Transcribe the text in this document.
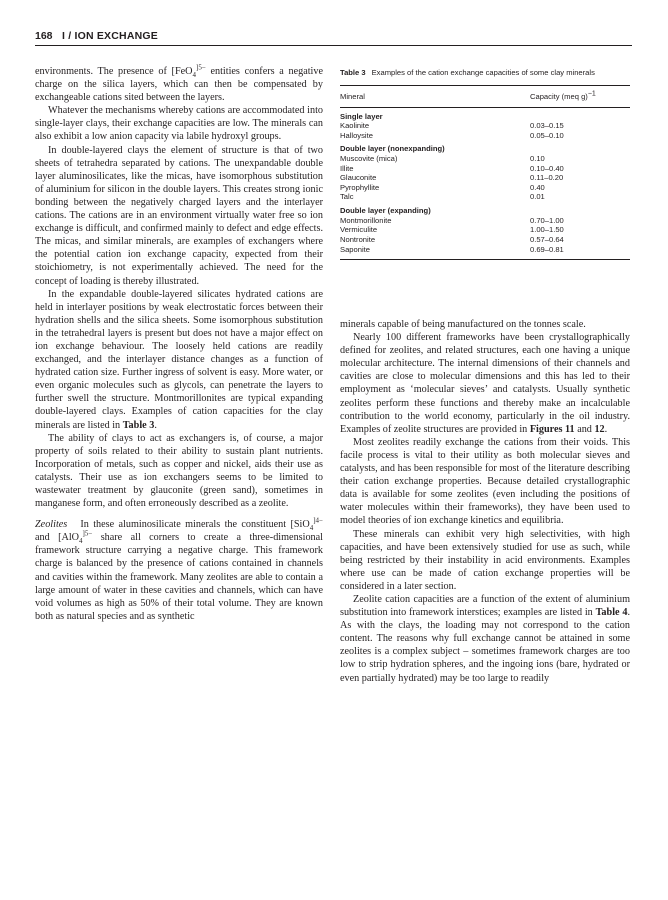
168 I / ION EXCHANGE

environments. The presence of [FeO$_4^{]5-}$ entities confers a negative charge on the silica layers, which can then be compensated by exchangeable cations sited between the layers.

Whatever the mechanisms whereby cations are accommodated into single-layer clays, their exchange capacities are low. The minerals can also exhibit a low anion capacity via labile hydroxyl groups.

In double-layered clays the element of structure is that of two sheets of tetrahedra separated by cations. The unexpandable double layer aluminosilicates, like the micas, have isomorphous substitution of aluminium for silicon in the double layers. This creates strong ionic bonding between the negatively charged layers and the interlayer cations. The cations are in an environment virtually water free so ion exchange is difficult, and confirmed mainly to defect and edge effects. The micas, and similar minerals, are examples of exchangers where the potential cation ion exchange capacity, expected from their stoichiometry, is not experimentally achieved. The need for the concept of loading is thereby illustrated.

In the expandable double-layered silicates hydrated cations are held in interlayer positions by weak electrostatic forces between their hydration shells and the silica sheets. Some isomorphous substitution in the tetrahedral layers is present but does not have a major effect on ion exchange behaviour. The loosely held cations are readily exchanged, and the interlayer distance changes as a function of hydrated cation size. Further ingress of solvent is easy. More water, or even organic molecules such as glycols, can penetrate the layers to further swell the structure. Montmorillonites are typical expanding double-layered clays. Examples of cation capacities for the clay minerals are listed in Table 3.

The ability of clays to act as exchangers is, of course, a major property of soils related to their ability to sustain plant nutrients. Incorporation of metals, such as copper and nickel, aids their use as catalysts. Their use as ion exchangers seems to be limited to wastewater treatment by glauconite (green sand), sometimes in manganese form, and often erroneously described as a zeolite.

Zeolites In these aluminosilicate minerals the constituent [SiO$_4^{]4-}$ and [AlO$_4^{]5-}$ share all corners to create a three-dimensional framework structure carrying a negative charge. This framework charge is balanced by the presence of cations contained in channels and cavities within the framework. Many zeolites are able to contain a large amount of water in these cavities and channels, which can have void volumes as high as 50% of their total volume. They are known both as natural species and as synthetic

Table 3 Examples of the cation exchange capacities of some clay minerals
Mineral	Capacity (meq g)$^{-1}$
Single layer
Kaolinite	0.03–0.15
Halloysite	0.05–0.10
Double layer (nonexpanding)
Muscovite (mica)	0.10
Illite	0.10–0.40
Glauconite	0.11–0.20
Pyrophyllite	0.40
Talc	0.01
Double layer (expanding)
Montmorillonite	0.70–1.00
Vermiculite	1.00–1.50
Nontronite	0.57–0.64
Saponite	0.69–0.81

minerals capable of being manufactured on the tonnes scale.

Nearly 100 different frameworks have been crystallographically defined for zeolites, and related structures, each one having a unique molecular architecture. The internal dimensions of their channels and cavities are close to molecular dimensions and this has led to their employment as ‘molecular sieves’ and catalysts. Usually synthetic zeolites perform these functions and thereby make an incalculable contribution to the world economy, particularly in the oil industry. Examples of zeolite structures are provided in Figures 11 and 12.

Most zeolites readily exchange the cations from their voids. This facile process is vital to their utility as both molecular sieves and catalysts, and has been responsible for most of the literature describing their cation exchange properties. Because detailed crystallographic data is available for some zeolites (even including the positions of water molecules within their frameworks), they have been used to model theories of ion exchange kinetics and equilibria.

These minerals can exhibit very high selectivities, with high capacities, and have been extensively studied for use as such, while being restricted by their instability in acid environments. Examples where use can be made of cation exchange properties will be considered in a later section.

Zeolite cation capacities are a function of the extent of aluminium substitution into framework interstices; examples are listed in Table 4. As with the clays, the loading may not correspond to the cation content. The reasons why full exchange cannot be attained in some zeolites is a complex subject – sometimes framework charges are too low to strip hydration spheres, and the ingoing ions (bare, hydrated or even partially hydrated) may be too large to readily
